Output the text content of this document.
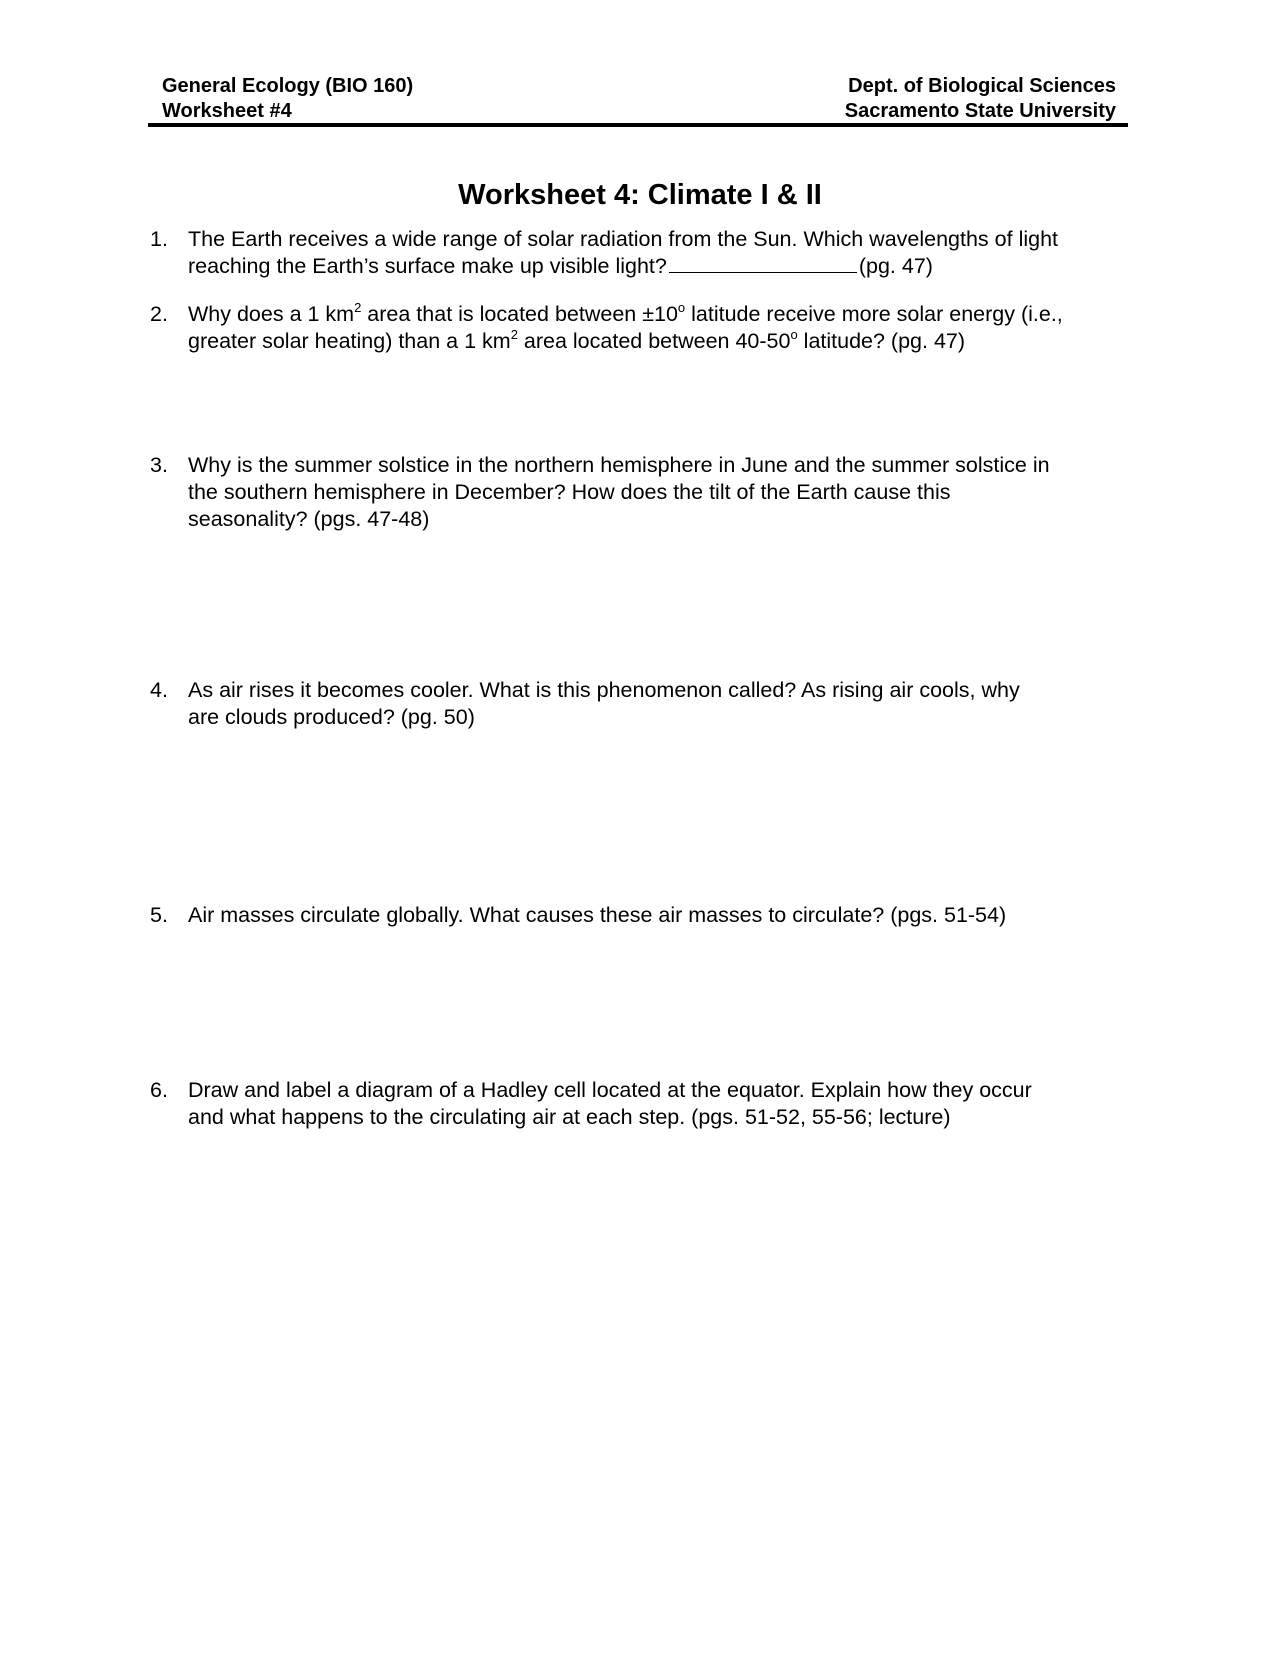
General Ecology (BIO 160)
Worksheet #4
Dept. of Biological Sciences
Sacramento State University
Worksheet 4: Climate I & II
1. The Earth receives a wide range of solar radiation from the Sun. Which wavelengths of light
reaching the Earth’s surface make up visible light?	(pg. 47)
2. Why does a 1 $km^2$ area that is located between $\pm 10^o$ latitude receive more solar energy (i.e., greater solar heating) than a 1 $km^2$ area located between 40-50$^o$ latitude? (pg. 47)
3. Why is the summer solstice in the northern hemisphere in June and the summer solstice in
the southern hemisphere in December? How does the tilt of the Earth cause this
seasonality? (pgs. 47-48)
4. As air rises it becomes cooler. What is this phenomenon called? As rising air cools, why
are clouds produced? (pg. 50)
5. Air masses circulate globally. What causes these air masses to circulate? (pgs. 51-54)
6. Draw and label a diagram of a Hadley cell located at the equator. Explain how they occur
and what happens to the circulating air at each step. (pgs. 51-52, 55-56; lecture)
